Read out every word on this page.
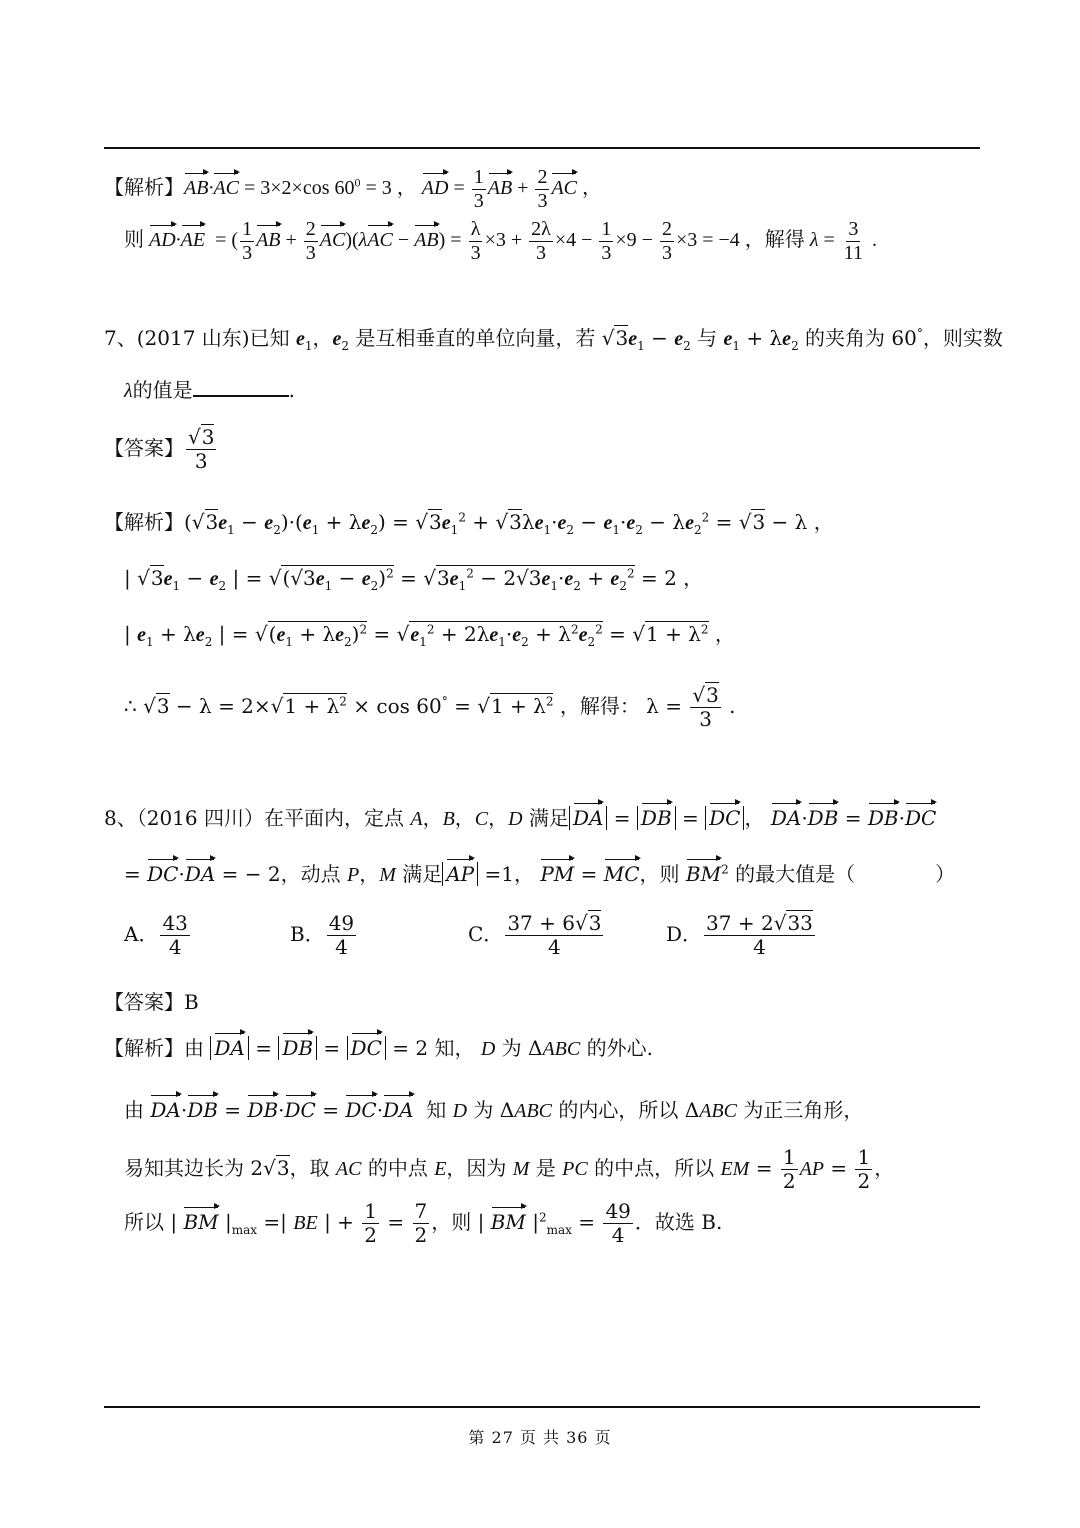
【解析】AB·AC = 3×2×cos $60^0 = 3$ ， AD = $\frac{1}{3}$ AB + $\frac{2}{3}$ AC ，
则 AD·AE  = ( $\frac{1}{3}$ AB + $\frac{2}{3} AC)(\lambda AC - AB) = \frac{\lambda}{3} \times 3 + \frac{2\lambda}{3} \times 4 - \frac{1}{3} \times 9 - \frac{2}{3} \times 3 = -4$ ，解得 $\lambda = \frac{3}{11}$ .
7、(2017 山东)已知 $e_1$，$e_2$ 是互相垂直的单位向量，若 $√3e_1 - e_2$ 与 $e_1 + \lambda e_2$ 的夹角为 60°，则实数
λ的值是	.
【答案】 $\frac{√3}{3}$
【解析】$(√3e_1 - e_2)\cdot(e_1 + \lambda e_2) = √3e_1^2 + √3\lambda e_1\cdot e_2 - e_1\cdot e_2 - \lambda e_2^2 = √3 - \lambda$ ，
| $√3e_1 - e_2$ | = $√(√3e_1 - e_2)^2 = √3e_1^2 - 2√3e_1\cdot e_2 + e_2^2 = 2$ ，
| $e_1 + \lambda e_2$ | = $√(e_1 + \lambda e_2)^2 = √e_1^2 + 2\lambda e_1\cdot e_2 + \lambda^2e_2^2 = √1 + \lambda^2$ ，
∴ $√3 - \lambda = 2\times√1 + \lambda^2 \times \cos 60^\circ = √1 + \lambda^2$ ，解得： $\lambda = \frac{√3}{3}$ .
8、（2016 四川）在平面内，定点 A，B，C，D 满足 DA = DB = DC ， DA·DB = DB·DC
= DC·DA = − 2，动点 P，M 满足 AP =1， PM = MC，则 $BM^2$ 的最大值是（　　　　）
A． $\frac{43}{4}$	B． $\frac{49}{4}$	C． $\frac{37 + 6√3}{4}$	D． $\frac{37 + 2√33}{4}$
【答案】B
【解析】由 DA = DB = DC = 2 知， D 为 ΔABC 的外心.
由 DA·DB = DB·DC = DC·DA  知 D 为 ΔABC 的内心，所以 ΔABC 为正三角形，
易知其边长为 2√3，取 AC 的中点 E，因为 M 是 PC 的中点，所以 EM = $\frac{1}{2}$ AP = $\frac{1}{2}$ ，
所以 | BM $|_{max}$ =| BE | + $\frac{1}{2} = \frac{7}{2}$ ，则 | BM $|^2_{max} = \frac{49}{4}$ ．故选 B.
第 27 页 共 36 页
